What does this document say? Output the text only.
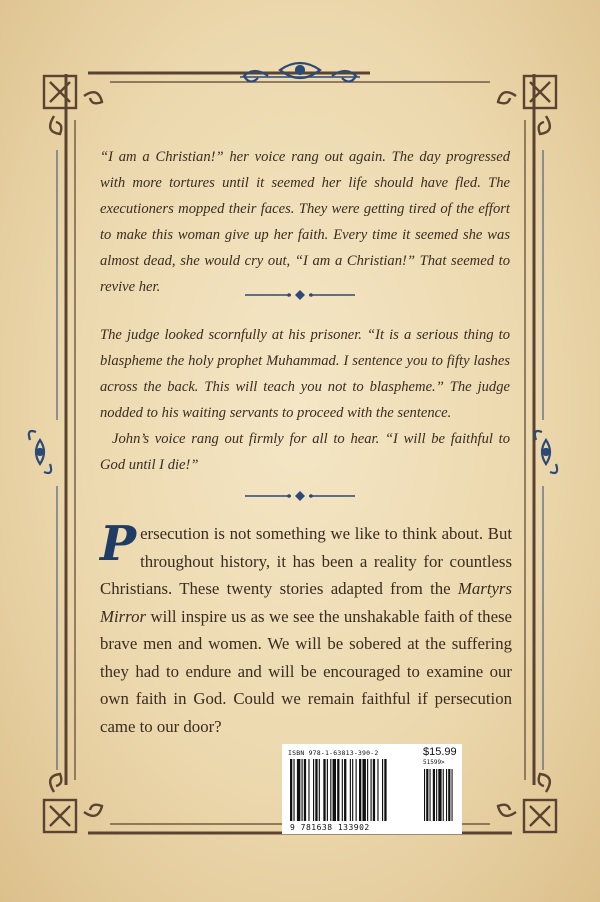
“I am a Christian!” her voice rang out again. The day progressed with more tortures until it seemed her life should have fled. The executioners mopped their faces. They were getting tired of the effort to make this woman give up her faith. Every time it seemed she was almost dead, she would cry out, “I am a Christian!” That seemed to revive her.

The judge looked scornfully at his prisoner. “It is a serious thing to blaspheme the holy prophet Muhammad. I sentence you to fifty lashes across the back. This will teach you not to blaspheme.” The judge nodded to his waiting servants to proceed with the sentence.

John’s voice rang out firmly for all to hear. “I will be faithful to God until I die!”

Persecution is not something we like to think about. But throughout history, it has been a reality for countless Christians. These twenty stories adapted from the Martyrs Mirror will inspire us as we see the unshakable faith of these brave men and women. We will be sobered at the suffering they had to endure and will be encouraged to examine our own faith in God. Could we remain faithful if persecution came to our door?
ISBN 978-1-63813-390-2	$15.99
51599>
9 781638 133902
